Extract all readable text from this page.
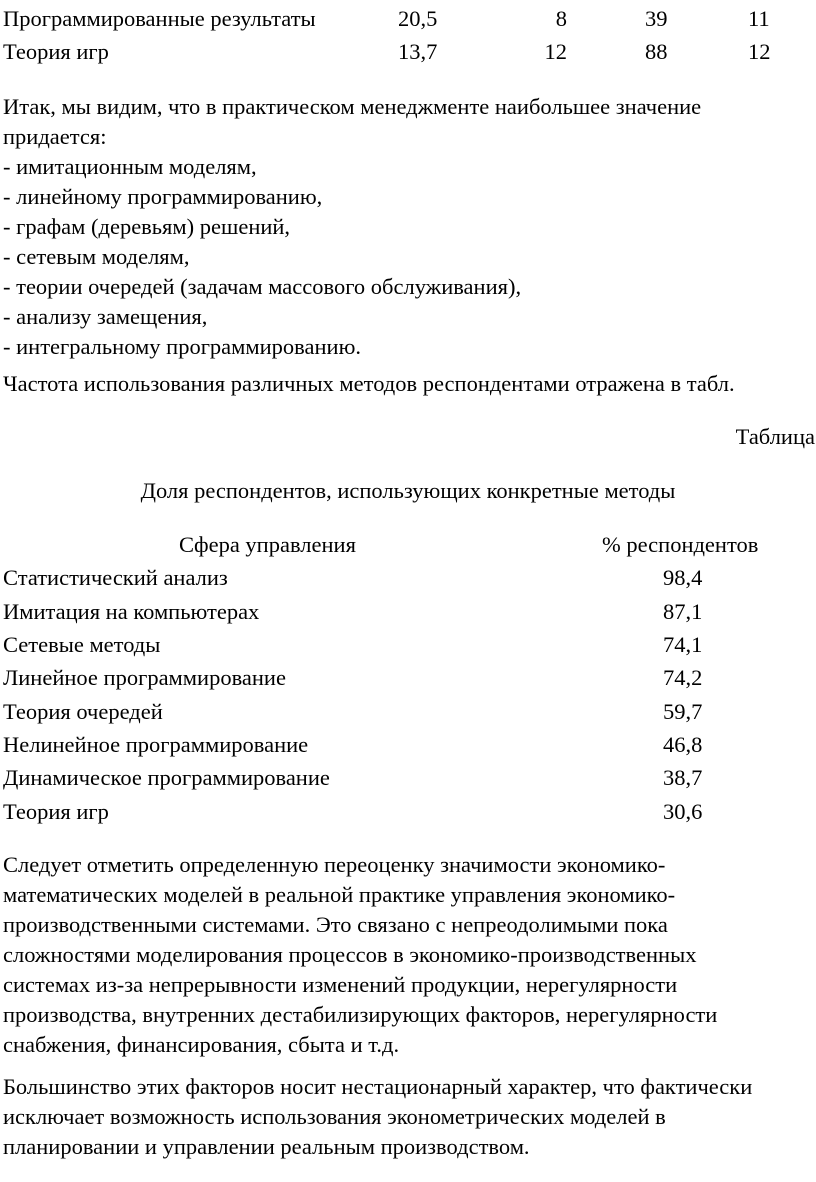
Программированные результаты	20,5	8	39	11
Теория игр	13,7	12	88	12
Итак, мы видим, что в практическом менеджменте наибольшее значение
придается:
- имитационным моделям,
- линейному программированию,
- графам (деревьям) решений,
- сетевым моделям,
- теории очередей (задачам массового обслуживания),
- анализу замещения,
- интегральному программированию.
Частота использования различных методов респондентами отражена в табл.
Таблица
Доля респондентов, использующих конкретные методы
Сфера управления	% респондентов
Статистический анализ	98,4
Имитация на компьютерах	87,1
Сетевые методы	74,1
Линейное программирование	74,2
Теория очередей	59,7
Нелинейное программирование	46,8
Динамическое программирование	38,7
Теория игр	30,6
Следует отметить определенную переоценку значимости экономико-
математических моделей в реальной практике управления экономико-
производственными системами. Это связано с непреодолимыми пока
сложностями моделирования процессов в экономико-производственных
системах из-за непрерывности изменений продукции, нерегулярности
производства, внутренних дестабилизирующих факторов, нерегулярности
снабжения, финансирования, сбыта и т.д.
Большинство этих факторов носит нестационарный характер, что фактически
исключает возможность использования эконометрических моделей в
планировании и управлении реальным производством.
